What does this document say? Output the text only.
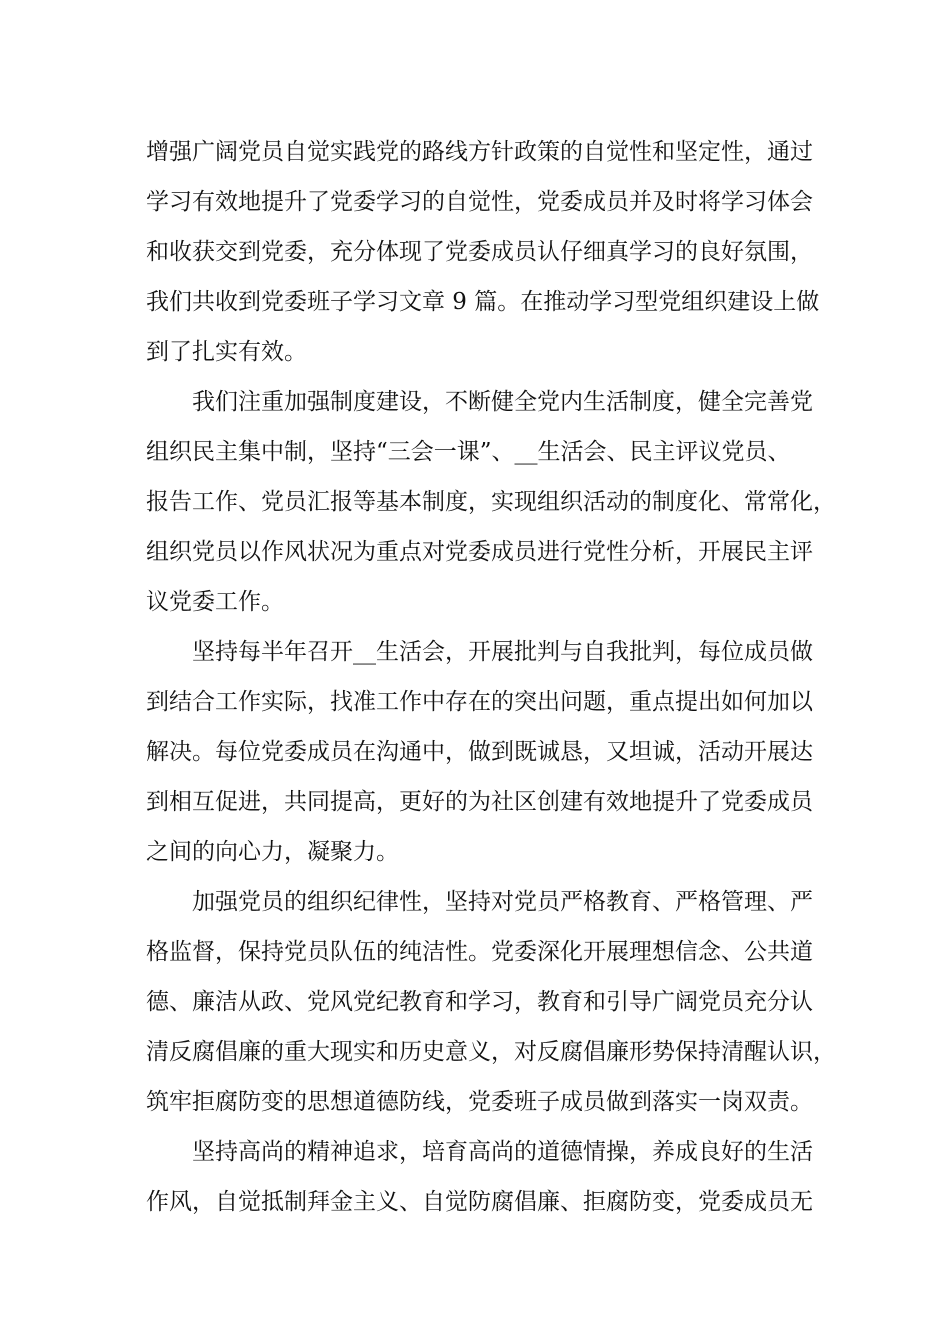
增强广阔党员自觉实践党的路线方针政策的自觉性和坚定性，通过
学习有效地提升了党委学习的自觉性，党委成员并及时将学习体会
和收获交到党委，充分体现了党委成员认仔细真学习的良好氛围，
我们共收到党委班子学习文章 9 篇。在推动学习型党组织建设上做
到了扎实有效。
我们注重加强制度建设，不断健全党内生活制度，健全完善党
组织民主集中制，坚持“三会一课”、__生活会、民主评议党员、
报告工作、党员汇报等基本制度，实现组织活动的制度化、常常化，
组织党员以作风状况为重点对党委成员进行党性分析，开展民主评
议党委工作。
坚持每半年召开__生活会，开展批判与自我批判，每位成员做
到结合工作实际，找准工作中存在的突出问题，重点提出如何加以
解决。每位党委成员在沟通中，做到既诚恳，又坦诚，活动开展达
到相互促进，共同提高，更好的为社区创建有效地提升了党委成员
之间的向心力，凝聚力。
加强党员的组织纪律性，坚持对党员严格教育、严格管理、严
格监督，保持党员队伍的纯洁性。党委深化开展理想信念、公共道
德、廉洁从政、党风党纪教育和学习，教育和引导广阔党员充分认
清反腐倡廉的重大现实和历史意义，对反腐倡廉形势保持清醒认识，
筑牢拒腐防变的思想道德防线，党委班子成员做到落实一岗双责。
坚持高尚的精神追求，培育高尚的道德情操，养成良好的生活
作风，自觉抵制拜金主义、自觉防腐倡廉、拒腐防变，党委成员无
